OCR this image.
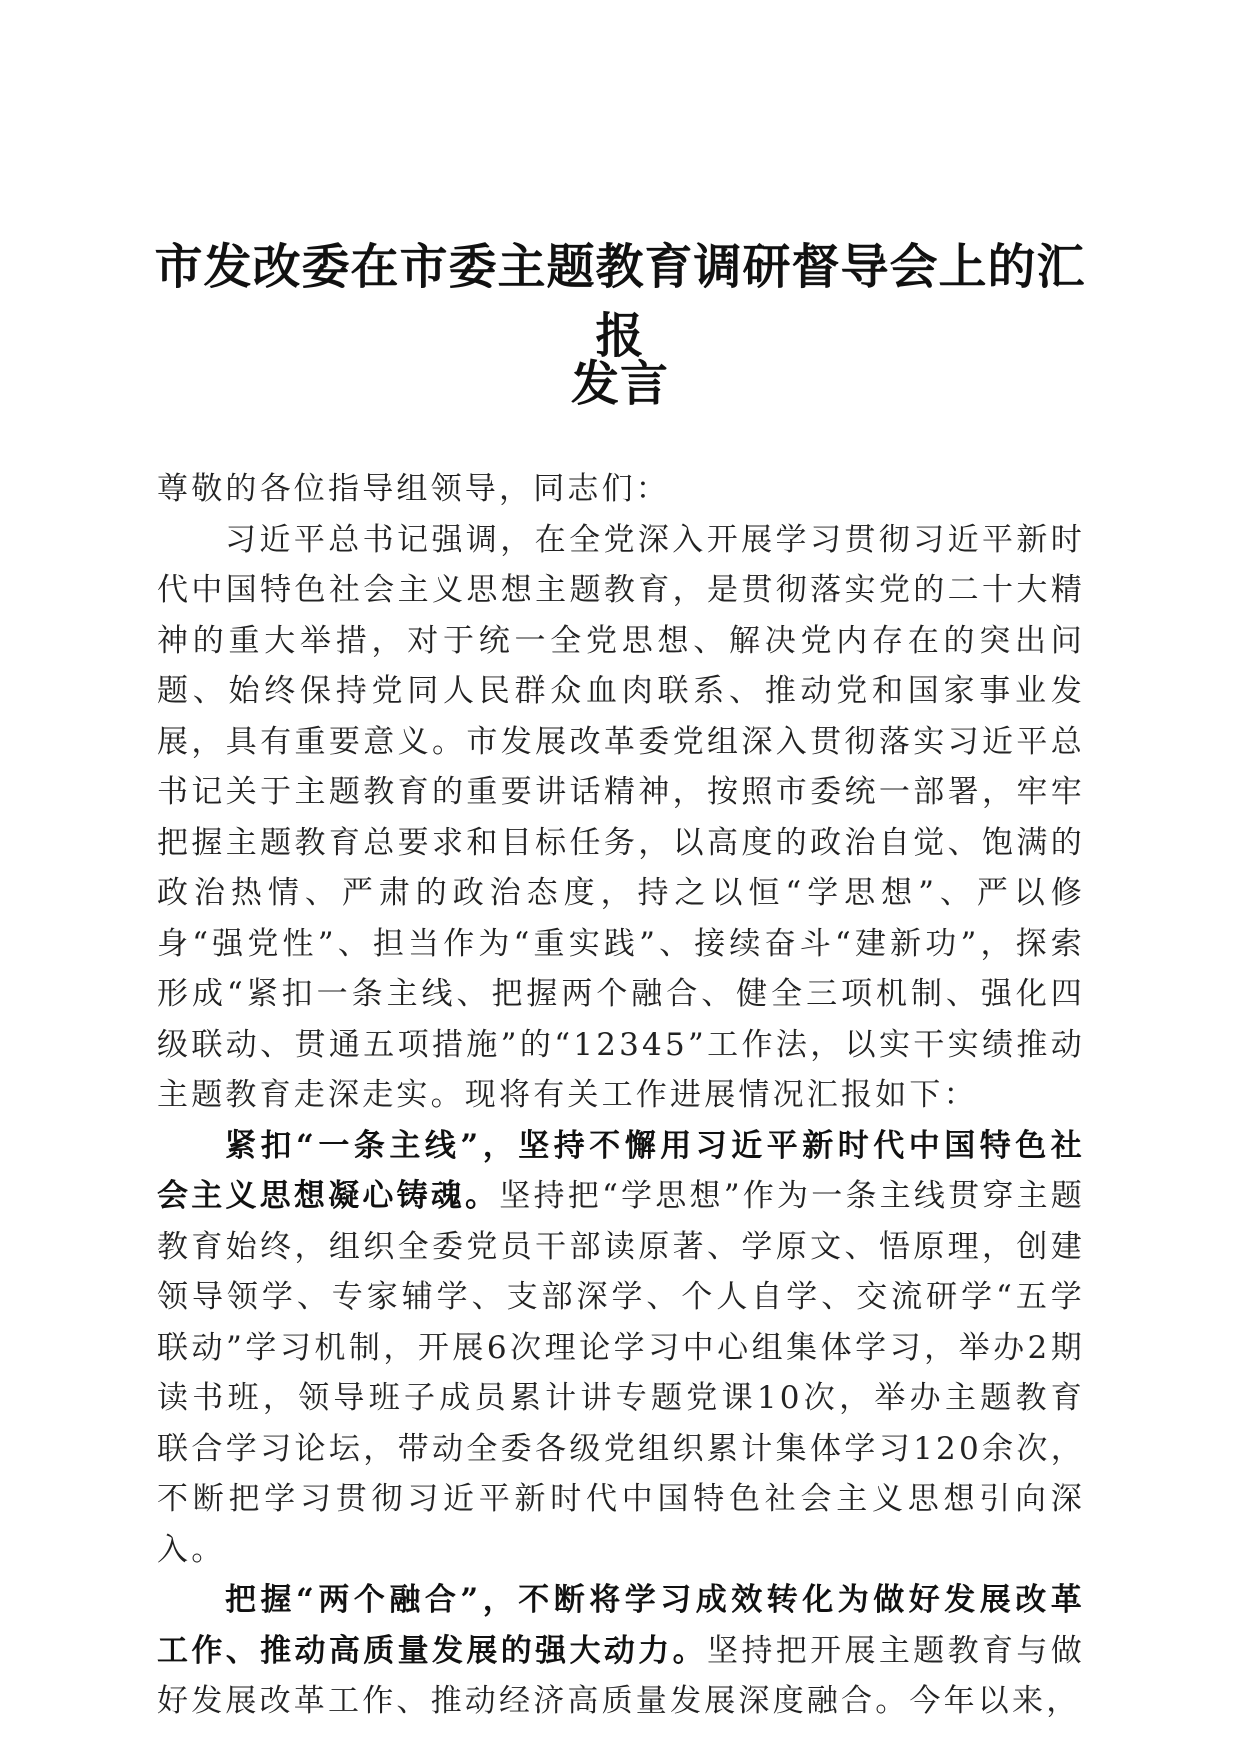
市发改委在市委主题教育调研督导会上的汇报
发言

尊敬的各位指导组领导，同志们：

习近平总书记强调，在全党深入开展学习贯彻习近平新时代中国特色社会主义思想主题教育，是贯彻落实党的二十大精神的重大举措，对于统一全党思想、解决党内存在的突出问题、始终保持党同人民群众血肉联系、推动党和国家事业发展，具有重要意义。市发展改革委党组深入贯彻落实习近平总书记关于主题教育的重要讲话精神，按照市委统一部署，牢牢把握主题教育总要求和目标任务，以高度的政治自觉、饱满的政治热情、严肃的政治态度，持之以恒“学思想”、严以修身“强党性”、担当作为“重实践”、接续奋斗“建新功”，探索形成“紧扣一条主线、把握两个融合、健全三项机制、强化四级联动、贯通五项措施”的“12345”工作法，以实干实绩推动主题教育走深走实。现将有关工作进展情况汇报如下：

紧扣“一条主线”，坚持不懈用习近平新时代中国特色社会主义思想凝心铸魂。坚持把“学思想”作为一条主线贯穿主题教育始终，组织全委党员干部读原著、学原文、悟原理，创建领导领学、专家辅学、支部深学、个人自学、交流研学“五学联动”学习机制，开展6次理论学习中心组集体学习，举办2期读书班，领导班子成员累计讲专题党课10次，举办主题教育联合学习论坛，带动全委各级党组织累计集体学习120余次，不断把学习贯彻习近平新时代中国特色社会主义思想引向深入。

把握“两个融合”，不断将学习成效转化为做好发展改革工作、推动高质量发展的强大动力。坚持把开展主题教育与做好发展改革工作、推动经济高质量发展深度融合。今年以来，
